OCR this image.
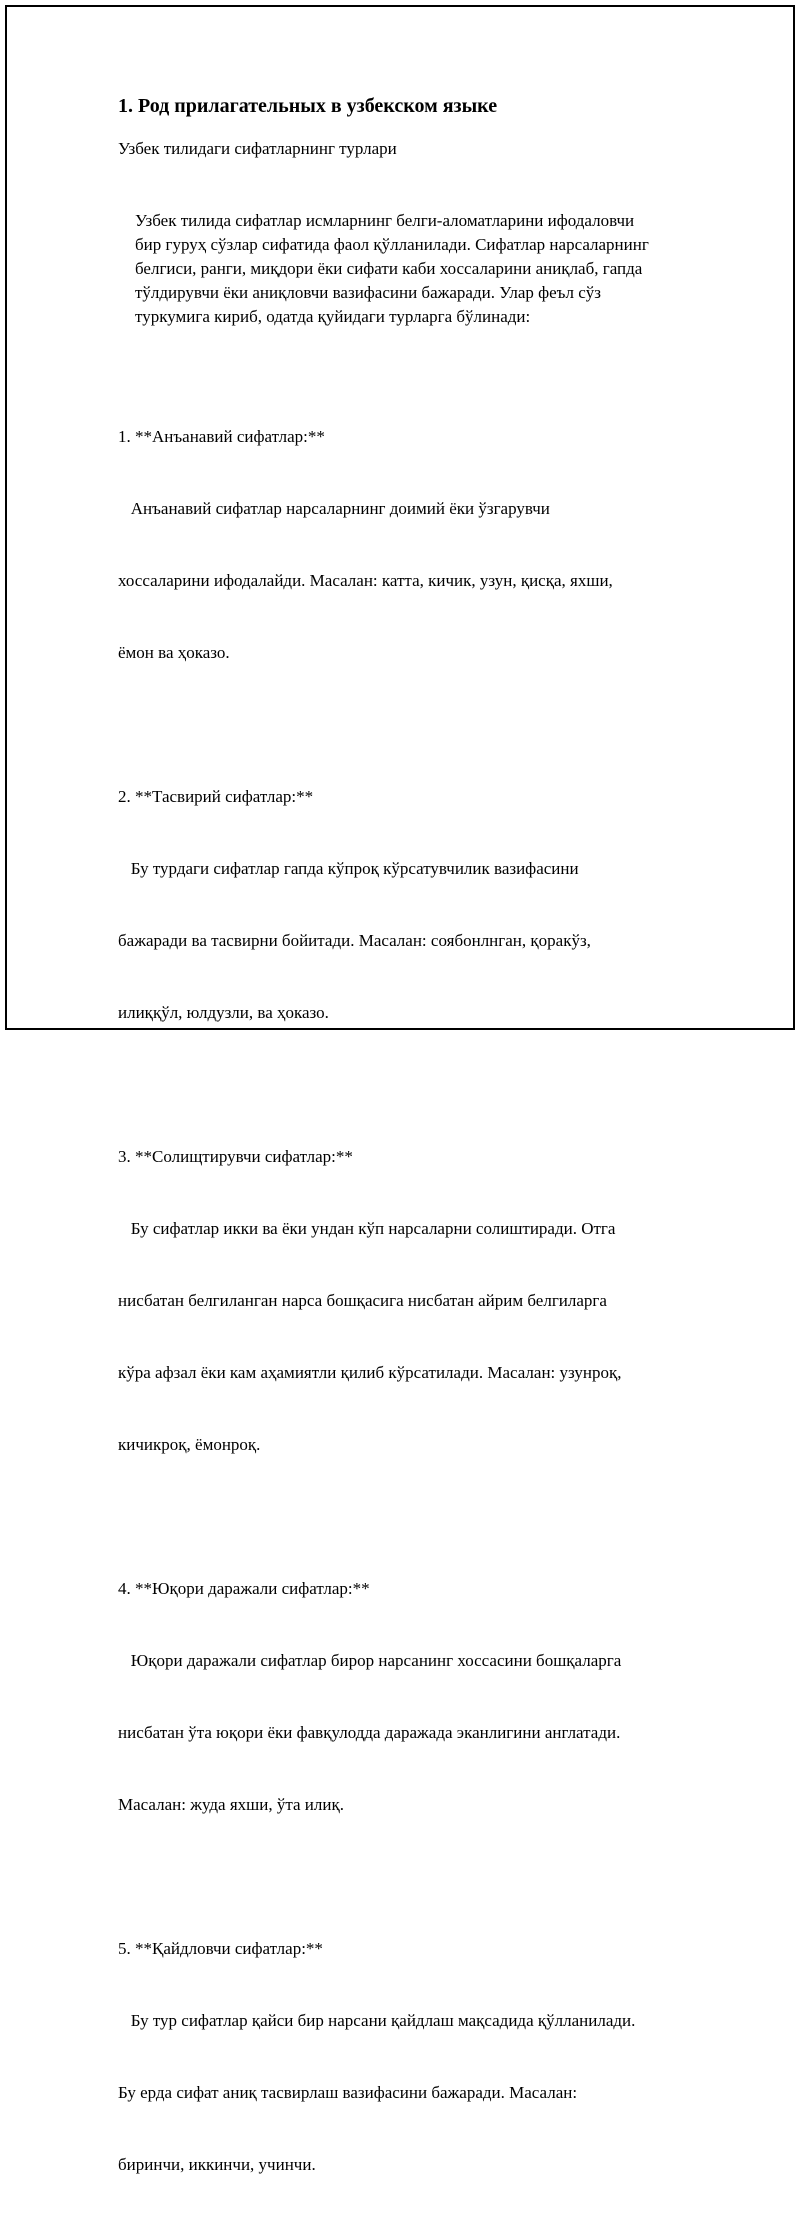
1. Род прилагательных в узбекском языке

Узбек тилидаги сифатларнинг турлари

Узбек тилида сифатлар исмларнинг белги-аломатларини ифодаловчи
бир гуруҳ сўзлар сифатида фаол қўлланилади. Сифатлар нарсаларнинг
белгиси, ранги, миқдори ёки сифати каби хоссаларини аниқлаб, гапда
тўлдирувчи ёки аниқловчи вазифасини бажаради. Улар феъл сўз
туркумига кириб, одатда қуйидаги турларга бўлинади:

1. **Анъанавий сифатлар:**

Анъанавий сифатлар нарсаларнинг доимий ёки ўзгарувчи

хоссаларини ифодалайди. Масалан: катта, кичик, узун, қисқа, яхши,

ёмон ва ҳоказо.

2. **Тасвирий сифатлар:**

Бу турдаги сифатлар гапда кўпроқ кўрсатувчилик вазифасини

бажаради ва тасвирни бойитади. Масалан: соябонлнган, қоракўз,

илиққўл, юлдузли, ва ҳоказо.

3. **Солищтирувчи сифатлар:**

Бу сифатлар икки ва ёки ундан кўп нарсаларни солиштиради. Отга

нисбатан белгиланган нарса бошқасига нисбатан айрим белгиларга

кўра афзал ёки кам аҳамиятли қилиб кўрсатилади. Масалан: узунроқ,

кичикроқ, ёмонроқ.

4. **Юқори даражали сифатлар:**

Юқори даражали сифатлар бирор нарсанинг хоссасини бошқаларга

нисбатан ўта юқори ёки фавқулодда даражада эканлигини англатади.

Масалан: жуда яхши, ўта илиқ.

5. **Қайдловчи сифатлар:**

Бу тур сифатлар қайси бир нарсани қайдлаш мақсадида қўлланилади.

Бу ерда сифат аниқ тасвирлаш вазифасини бажаради. Масалан:

биринчи, иккинчи, учинчи.
